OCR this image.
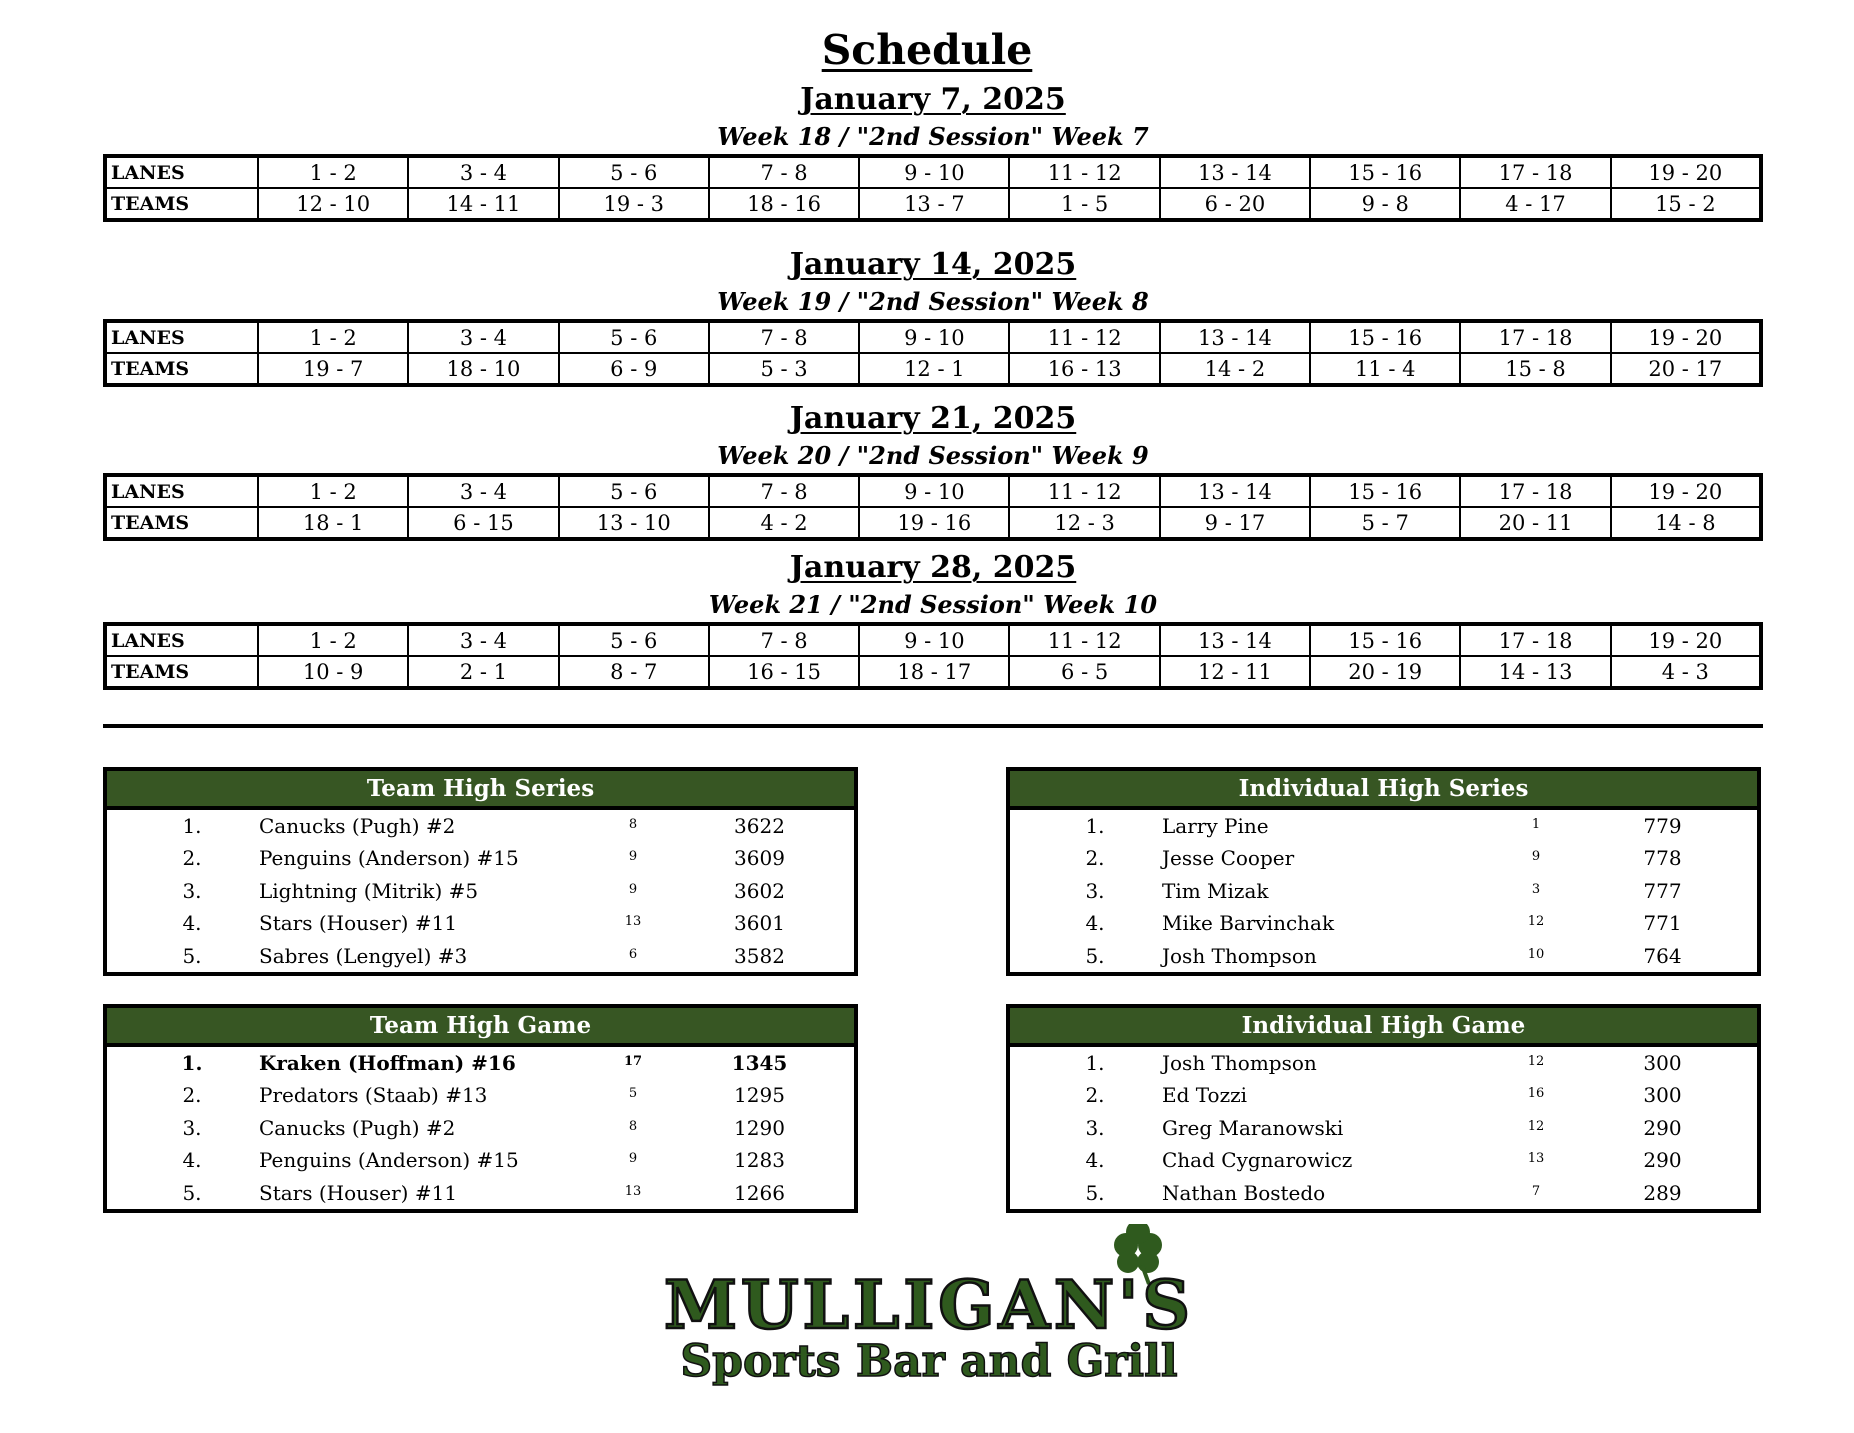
Schedule
January 7, 2025
Week 18 / "2nd Session" Week 7
LANES	1 - 2	3 - 4	5 - 6	7 - 8	9 - 10	11 - 12	13 - 14	15 - 16	17 - 18	19 - 20
TEAMS	12 - 10	14 - 11	19 - 3	18 - 16	13 - 7	1 - 5	6 - 20	9 - 8	4 - 17	15 - 2
January 14, 2025
Week 19 / "2nd Session" Week 8
LANES	1 - 2	3 - 4	5 - 6	7 - 8	9 - 10	11 - 12	13 - 14	15 - 16	17 - 18	19 - 20
TEAMS	19 - 7	18 - 10	6 - 9	5 - 3	12 - 1	16 - 13	14 - 2	11 - 4	15 - 8	20 - 17
January 21, 2025
Week 20 / "2nd Session" Week 9
LANES	1 - 2	3 - 4	5 - 6	7 - 8	9 - 10	11 - 12	13 - 14	15 - 16	17 - 18	19 - 20
TEAMS	18 - 1	6 - 15	13 - 10	4 - 2	19 - 16	12 - 3	9 - 17	5 - 7	20 - 11	14 - 8
January 28, 2025
Week 21 / "2nd Session" Week 10
LANES	1 - 2	3 - 4	5 - 6	7 - 8	9 - 10	11 - 12	13 - 14	15 - 16	17 - 18	19 - 20
TEAMS	10 - 9	2 - 1	8 - 7	16 - 15	18 - 17	6 - 5	12 - 11	20 - 19	14 - 13	4 - 3
Team High Series
1.	Canucks (Pugh) #2	8	3622
2.	Penguins (Anderson) #15	9	3609
3.	Lightning (Mitrik) #5	9	3602
4.	Stars (Houser) #11	13	3601
5.	Sabres (Lengyel) #3	6	3582
Individual High Series
1.	Larry Pine	1	779
2.	Jesse Cooper	9	778
3.	Tim Mizak	3	777
4.	Mike Barvinchak	12	771
5.	Josh Thompson	10	764
Team High Game
1.	Kraken (Hoffman) #16	17	1345
2.	Predators (Staab) #13	5	1295
3.	Canucks (Pugh) #2	8	1290
4.	Penguins (Anderson) #15	9	1283
5.	Stars (Houser) #11	13	1266
Individual High Game
1.	Josh Thompson	12	300
2.	Ed Tozzi	16	300
3.	Greg Maranowski	12	290
4.	Chad Cygnarowicz	13	290
5.	Nathan Bostedo	7	289
MULLIGAN'S
Sports Bar and Grill
